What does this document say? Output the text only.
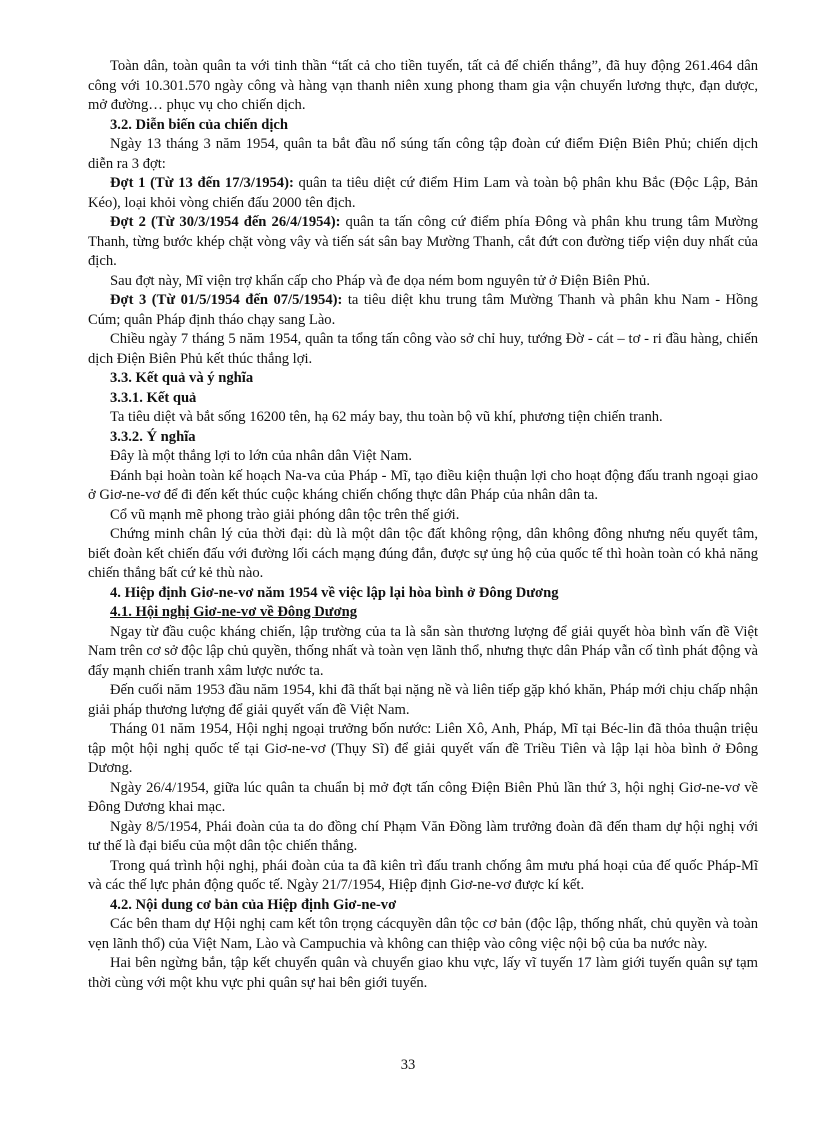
Toàn dân, toàn quân ta với tinh thần “tất cả cho tiền tuyến, tất cả để chiến thắng”, đã huy động 261.464 dân công với 10.301.570 ngày công và hàng vạn thanh niên xung phong tham gia vận chuyển lương thực, đạn dược, mở đường… phục vụ cho chiến dịch.

3.2. Diễn biến của chiến dịch

Ngày 13 tháng 3 năm 1954, quân ta bắt đầu nổ súng tấn công tập đoàn cứ điểm Điện Biên Phủ; chiến dịch diễn ra 3 đợt:

Đợt 1 (Từ 13 đến 17/3/1954): quân ta tiêu diệt cứ điểm Him Lam và toàn bộ phân khu Bắc (Độc Lập, Bản Kéo), loại khỏi vòng chiến đấu 2000 tên địch.

Đợt 2 (Từ 30/3/1954 đến 26/4/1954): quân ta tấn công cứ điểm phía Đông và phân khu trung tâm Mường Thanh, từng bước khép chặt vòng vây và tiến sát sân bay Mường Thanh, cắt đứt con đường tiếp viện duy nhất của địch.

Sau đợt này, Mĩ viện trợ khẩn cấp cho Pháp và đe dọa ném bom nguyên tử ở Điện Biên Phủ.

Đợt 3 (Từ 01/5/1954 đến 07/5/1954): ta tiêu diệt khu trung tâm Mường Thanh và phân khu Nam - Hồng Cúm; quân Pháp định tháo chạy sang Lào.

Chiều ngày 7 tháng 5 năm 1954, quân ta tổng tấn công vào sở chỉ huy, tướng Đờ - cát – tơ - ri đầu hàng, chiến dịch Điện Biên Phủ kết thúc thắng lợi.

3.3. Kết quả và ý nghĩa

3.3.1. Kết quả

Ta tiêu diệt và bắt sống 16200 tên, hạ 62 máy bay, thu toàn bộ vũ khí, phương tiện chiến tranh.

3.3.2. Ý nghĩa

Đây là một thắng lợi to lớn của nhân dân Việt Nam.

Đánh bại hoàn toàn kế hoạch Na-va của Pháp - Mĩ, tạo điều kiện thuận lợi cho hoạt động đấu tranh ngoại giao ở Giơ-ne-vơ để đi đến kết thúc cuộc kháng chiến chống thực dân Pháp của nhân dân ta.

Cổ vũ mạnh mẽ phong trào giải phóng dân tộc trên thế giới.

Chứng minh chân lý của thời đại: dù là một dân tộc đất không rộng, dân không đông nhưng nếu quyết tâm, biết đoàn kết chiến đấu với đường lối cách mạng đúng đắn, được sự ủng hộ của quốc tế thì hoàn toàn có khả năng chiến thắng bất cứ kẻ thù nào.

4. Hiệp định Giơ-ne-vơ năm 1954 về việc lập lại hòa bình ở Đông Dương

4.1. Hội nghị Giơ-ne-vơ về Đông Dương

Ngay từ đầu cuộc kháng chiến, lập trường của ta là sẵn sàn thương lượng để giải quyết hòa bình vấn đề Việt Nam trên cơ sở độc lập chủ quyền, thống nhất và toàn vẹn lãnh thổ, nhưng thực dân Pháp vẫn cố tình phát động và đẩy mạnh chiến tranh xâm lược nước ta.

Đến cuối năm 1953 đầu năm 1954, khi đã thất bại nặng nề và liên tiếp gặp khó khăn, Pháp mới chịu chấp nhận giải pháp thương lượng để giải quyết vấn đề Việt Nam.

Tháng 01 năm 1954, Hội nghị ngoại trưởng bốn nước: Liên Xô, Anh, Pháp, Mĩ tại Béc-lin đã thỏa thuận triệu tập một hội nghị quốc tế tại Giơ-ne-vơ (Thụy Sĩ) để giải quyết vấn đề Triều Tiên và lập lại hòa bình ở Đông Dương.

Ngày 26/4/1954, giữa lúc quân ta chuẩn bị mở đợt tấn công Điện Biên Phủ lần thứ 3, hội nghị Giơ-ne-vơ về Đông Dương khai mạc.

Ngày 8/5/1954, Phái đoàn của ta do đồng chí Phạm Văn Đồng làm trưởng đoàn đã đến tham dự hội nghị với tư thế là đại biểu của một dân tộc chiến thắng.

Trong quá trình hội nghị, phái đoàn của ta đã kiên trì đấu tranh chống âm mưu phá hoại của đế quốc Pháp-Mĩ và các thế lực phản động quốc tế. Ngày 21/7/1954, Hiệp định Giơ-ne-vơ được kí kết.

4.2. Nội dung cơ bản của Hiệp định Giơ-ne-vơ

Các bên tham dự Hội nghị cam kết tôn trọng cácquyền dân tộc cơ bản (độc lập, thống nhất, chủ quyền và toàn vẹn lãnh thổ) của Việt Nam, Lào và Campuchia và không can thiệp vào công việc nội bộ của ba nước này.

Hai bên ngừng bắn, tập kết chuyển quân và chuyển giao khu vực, lấy vĩ tuyến 17 làm giới tuyến quân sự tạm thời cùng với một khu vực phi quân sự hai bên giới tuyến.

33
